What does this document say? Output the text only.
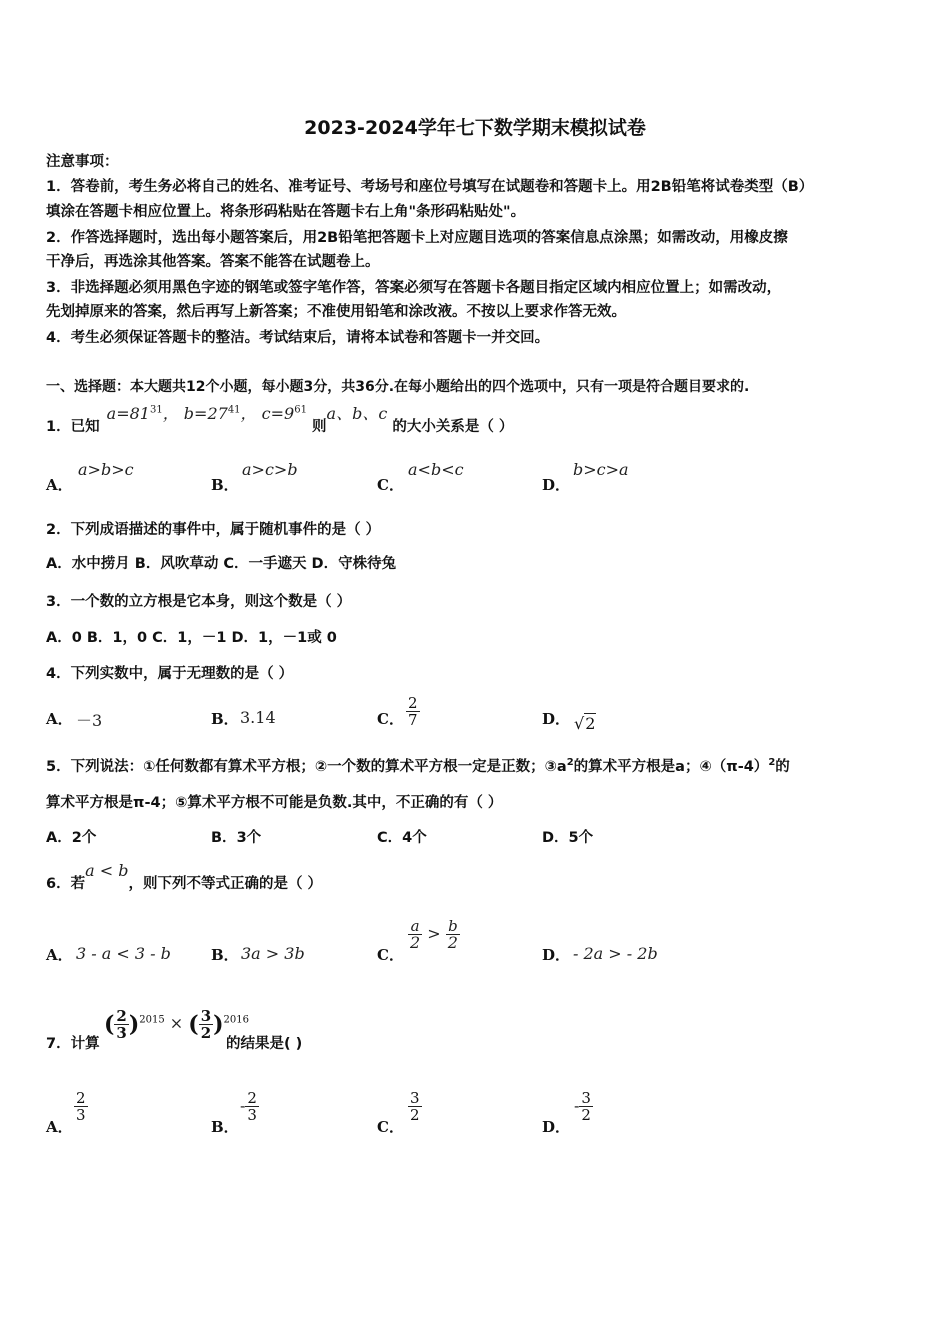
2023-2024学年七下数学期末模拟试卷
注意事项：
1．答卷前，考生务必将自己的姓名、准考证号、考场号和座位号填写在试题卷和答题卡上。用2B铅笔将试卷类型（B）
填涂在答题卡相应位置上。将条形码粘贴在答题卡右上角"条形码粘贴处"。
2．作答选择题时，选出每小题答案后，用2B铅笔把答题卡上对应题目选项的答案信息点涂黑；如需改动，用橡皮擦
干净后，再选涂其他答案。答案不能答在试题卷上。
3．非选择题必须用黑色字迹的钢笔或签字笔作答，答案必须写在答题卡各题目指定区域内相应位置上；如需改动，
先划掉原来的答案，然后再写上新答案；不准使用铅笔和涂改液。不按以上要求作答无效。
4．考生必须保证答题卡的整洁。考试结束后，请将本试卷和答题卡一并交回。
一、选择题：本大题共12个小题，每小题3分，共36分.在每小题给出的四个选项中，只有一项是符合题目要求的.
1．已知 $a=81^{31}$， $b=27^{41}$， $c=9^{61}$ 则a、b、c 的大小关系是（ ）
A．
a>b>c
B．
a>c>b
C．
a<b<c
D．
b>c>a
2．下列成语描述的事件中，属于随机事件的是（ ）
A．水中捞月 B．风吹草动 C．一手遮天 D．守株待兔
3．一个数的立方根是它本身，则这个数是（ ）
A．0 B．1，0 C．1，－1 D．1，－1或 0
4．下列实数中，属于无理数的是（ ）
A． －3	B． 3.14	C． $\frac{2}{7}$	D． √2
5．下列说法：①任何数都有算术平方根；②一个数的算术平方根一定是正数；$③a^2$的算术平方根是a；$④(\pi-4)^2$的
算术平方根是π-4；⑤算术平方根不可能是负数.其中，不正确的有（ ）
A．2个	B．3个	C．4个	D．5个
6．若a < b，则下列不等式正确的是（ ）
A． 3 - a < 3 - b	B． 3a > 3b	C．
$\frac{a}{2} > \frac{b}{2}$
D． - 2a > - 2b
7．计算
( $\frac{2}{3} )^{2015}$ × ( $\frac{3}{2} )^{2016}$
的结果是( )
A．
$\frac{2}{3}$
B．
- $\frac{2}{3}$
C．
$\frac{3}{2}$
D．
- $\frac{3}{2}$
